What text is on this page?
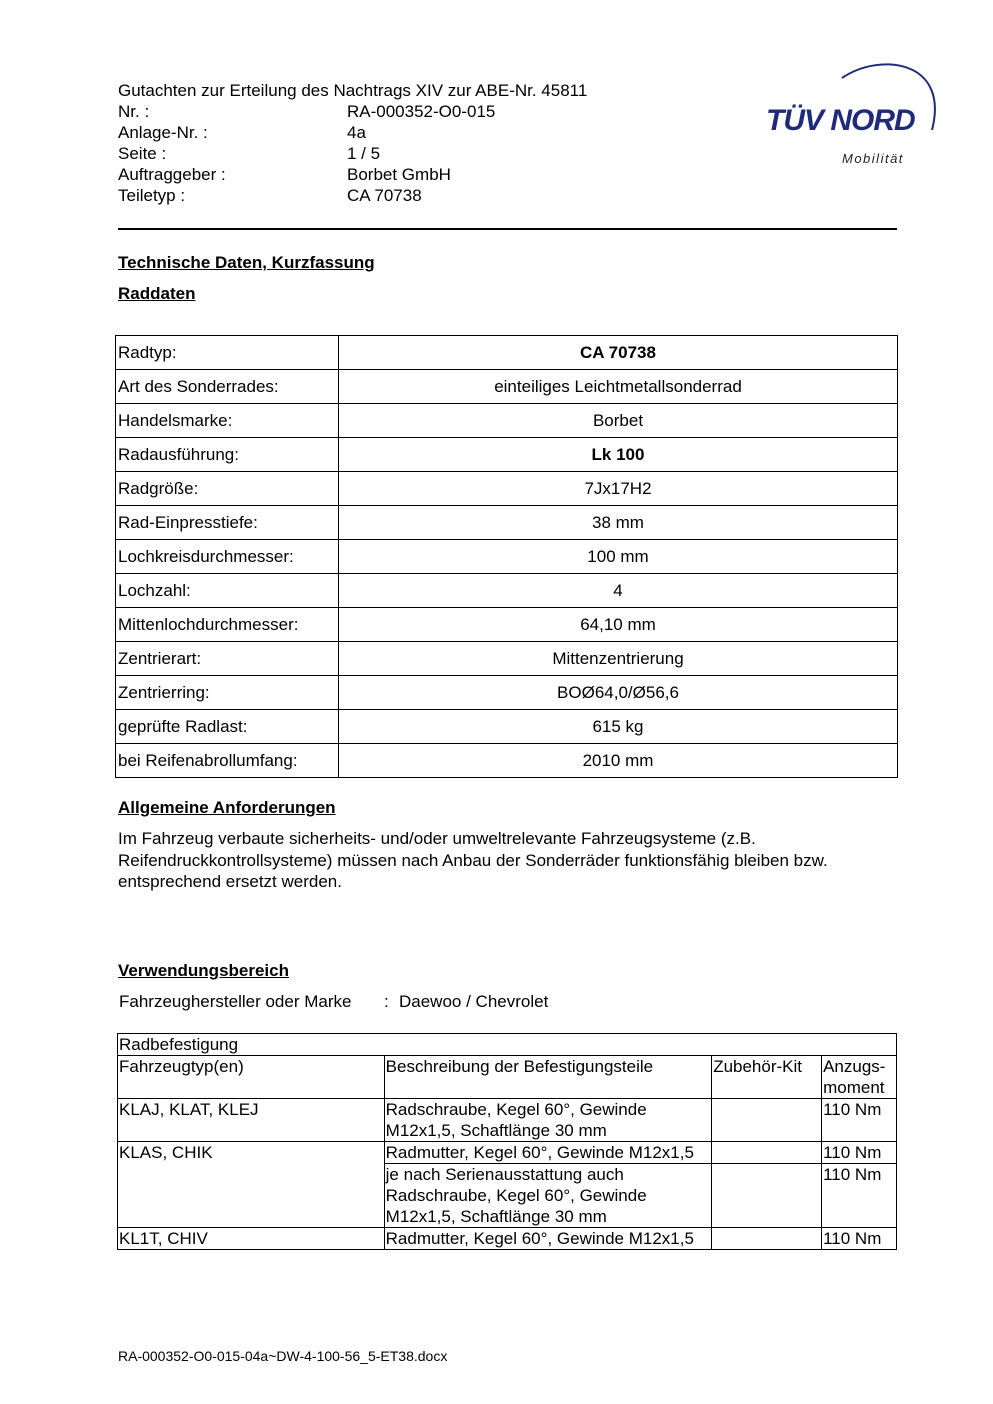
Gutachten zur Erteilung des Nachtrags XIV zur ABE-Nr. 45811
Nr. :	RA-000352-O0-015
Anlage-Nr. :	4a
Seite :	1 / 5
Auftraggeber :	Borbet GmbH
Teiletyp :	CA 70738
TÜV NORD
Mobilität
Technische Daten, Kurzfassung
Raddaten
Radtyp:	CA 70738
Art des Sonderrades:	einteiliges Leichtmetallsonderrad
Handelsmarke:	Borbet
Radausführung:	Lk 100
Radgröße:	7Jx17H2
Rad-Einpresstiefe:	38 mm
Lochkreisdurchmesser:	100 mm
Lochzahl:	4
Mittenlochdurchmesser:	64,10 mm
Zentrierart:	Mittenzentrierung
Zentrierring:	BOØ64,0/Ø56,6
geprüfte Radlast:	615 kg
bei Reifenabrollumfang:	2010 mm
Allgemeine Anforderungen
Im Fahrzeug verbaute sicherheits- und/oder umweltrelevante Fahrzeugsysteme (z.B. Reifendruckkontrollsysteme) müssen nach Anbau der Sonderräder funktionsfähig bleiben bzw. entsprechend ersetzt werden.
Verwendungsbereich
Fahrzeughersteller oder Marke : Daewoo / Chevrolet
Radbefestigung			
Fahrzeugtyp(en)	Beschreibung der Befestigungsteile	Zubehör-Kit	Anzugs-moment
KLAJ, KLAT, KLEJ	Radschraube, Kegel 60°, Gewinde M12x1,5, Schaftlänge 30 mm		110 Nm
KLAS, CHIK	Radmutter, Kegel 60°, Gewinde M12x1,5		110 Nm
	je nach Serienausstattung auch Radschraube, Kegel 60°, Gewinde M12x1,5, Schaftlänge 30 mm		110 Nm
KL1T, CHIV	Radmutter, Kegel 60°, Gewinde M12x1,5		110 Nm
RA-000352-O0-015-04a~DW-4-100-56_5-ET38.docx
